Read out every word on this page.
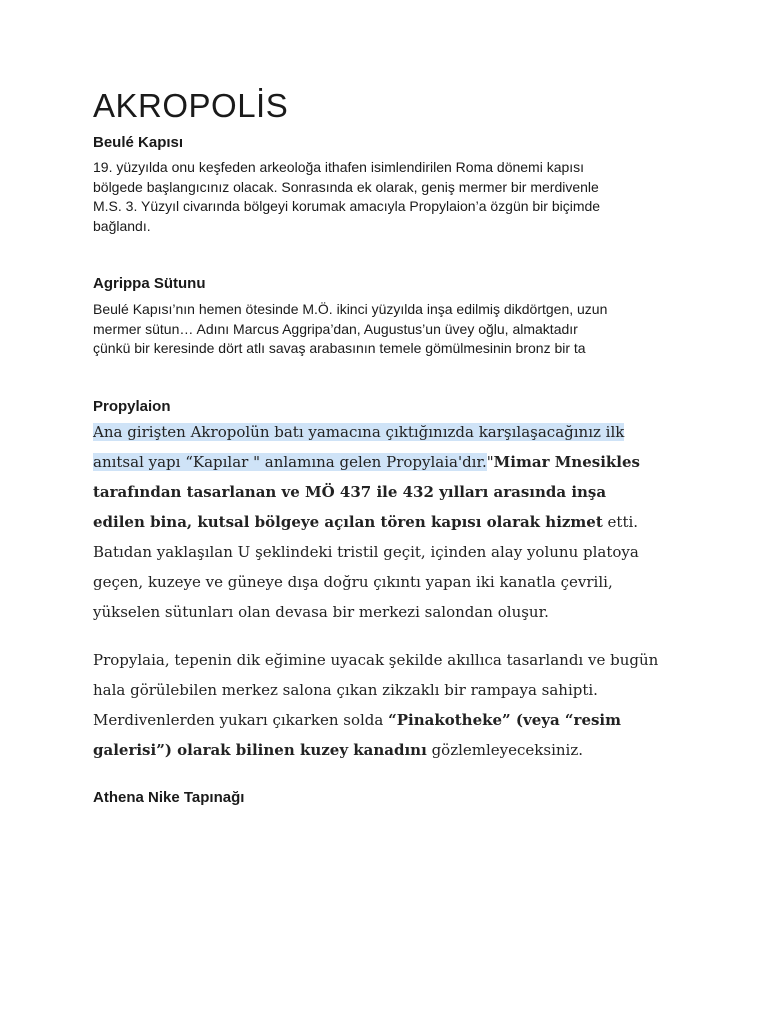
AKROPOLİS
Beulé Kapısı

19. yüzyılda onu keşfeden arkeoloğa ithafen isimlendirilen Roma dönemi kapısı
bölgede başlangıcınız olacak. Sonrasında ek olarak, geniş mermer bir merdivenle
M.S. 3. Yüzyıl civarında bölgeyi korumak amacıyla Propylaion’a özgün bir biçimde
bağlandı.

Agrippa Sütunu

Beulé Kapısı’nın hemen ötesinde M.Ö. ikinci yüzyılda inşa edilmiş dikdörtgen, uzun
mermer sütun… Adını Marcus Aggripa’dan, Augustus’un üvey oğlu, almaktadır
çünkü bir keresinde dört atlı savaş arabasının temele gömülmesinin bronz bir ta

Propylaion

Ana girişten Akropolün batı yamacına çıktığınızda karşılaşacağınız ilk
anıtsal yapı “Kapılar " anlamına gelen Propylaia'dır."Mimar Mnesikles
tarafından tasarlanan ve MÖ 437 ile 432 yılları arasında inşa
edilen bina, kutsal bölgeye açılan tören kapısı olarak hizmet etti.
Batıdan yaklaşılan U şeklindeki tristil geçit, içinden alay yolunu platoya
geçen, kuzeye ve güneye dışa doğru çıkıntı yapan iki kanatla çevrili,
yükselen sütunları olan devasa bir merkezi salondan oluşur.

Propylaia, tepenin dik eğimine uyacak şekilde akıllıca tasarlandı ve bugün
hala görülebilen merkez salona çıkan zikzaklı bir rampaya sahipti.
Merdivenlerden yukarı çıkarken solda “Pinakotheke” (veya “resim
galerisi”) olarak bilinen kuzey kanadını gözlemleyeceksiniz.

Athena Nike Tapınağı
